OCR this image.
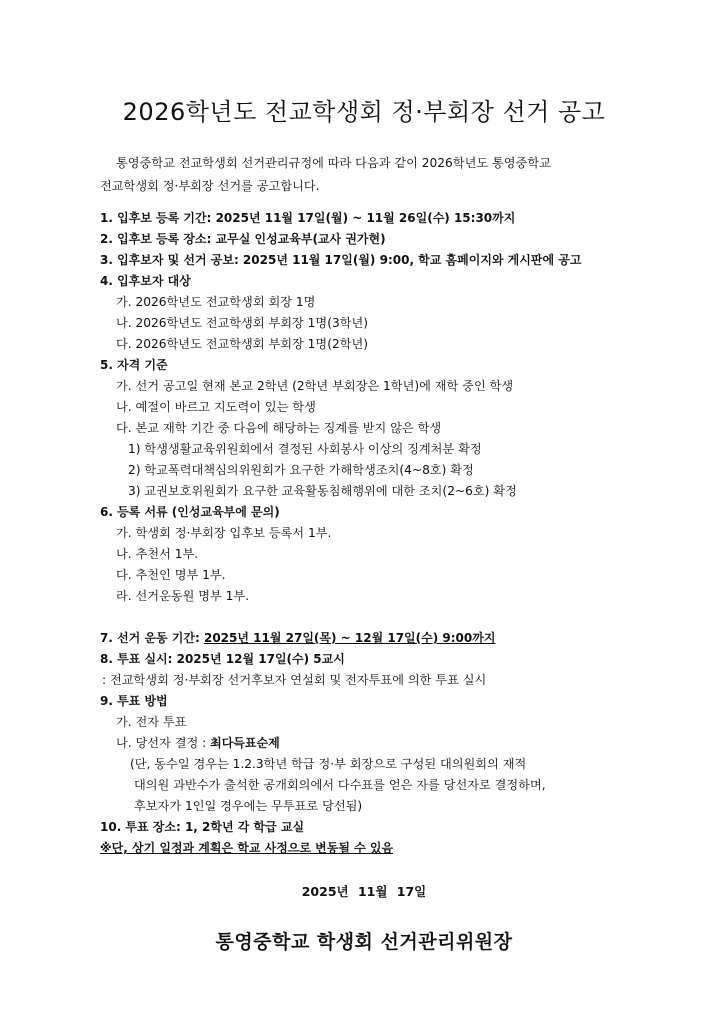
2026학년도 전교학생회 정·부회장 선거 공고
통영중학교 전교학생회 선거관리규정에 따라 다음과 같이 2026학년도 통영중학교
전교학생회 정·부회장 선거를 공고합니다.
1. 입후보 등록 기간: 2025년 11월 17일(월) ~ 11월 26일(수) 15:30까지
2. 입후보 등록 장소: 교무실 인성교육부(교사 권가현)
3. 입후보자 및 선거 공보: 2025년 11월 17일(월) 9:00, 학교 홈페이지와 게시판에 공고
4. 입후보자 대상
가. 2026학년도 전교학생회 회장 1명
나. 2026학년도 전교학생회 부회장 1명(3학년)
다. 2026학년도 전교학생회 부회장 1명(2학년)
5. 자격 기준
가. 선거 공고일 현재 본교 2학년 (2학년 부회장은 1학년)에 재학 중인 학생
나. 예절이 바르고 지도력이 있는 학생
다. 본교 재학 기간 중 다음에 해당하는 징계를 받지 않은 학생
1) 학생생활교육위원회에서 결정된 사회봉사 이상의 징계처분 확정
2) 학교폭력대책심의위원회가 요구한 가해학생조치(4~8호) 확정
3) 교권보호위원회가 요구한 교육활동침해행위에 대한 조치(2~6호) 확정
6. 등록 서류 (인성교육부에 문의)
가. 학생회 정·부회장 입후보 등록서 1부.
나. 추천서 1부.
다. 추천인 명부 1부.
라. 선거운동원 명부 1부.
7. 선거 운동 기간: 2025년 11월 27일(목) ~ 12월 17일(수) 9:00까지
8. 투표 실시: 2025년 12월 17일(수) 5교시
: 전교학생회 정·부회장 선거후보자 연설회 및 전자투표에 의한 투표 실시
9. 투표 방법
가. 전자 투표
나. 당선자 결정 : 최다득표순제
(단, 동수일 경우는 1.2.3학년 학급 정·부 회장으로 구성된 대의원회의 재적
대의원 과반수가 출석한 공개회의에서 다수표를 얻은 자를 당선자로 결정하며,
후보자가 1인일 경우에는 무투표로 당선됨)
10. 투표 장소: 1, 2학년 각 학급 교실
※단, 상기 일정과 계획은 학교 사정으로 변동될 수 있음
2025년 11월 17일
통영중학교 학생회 선거관리위원장
